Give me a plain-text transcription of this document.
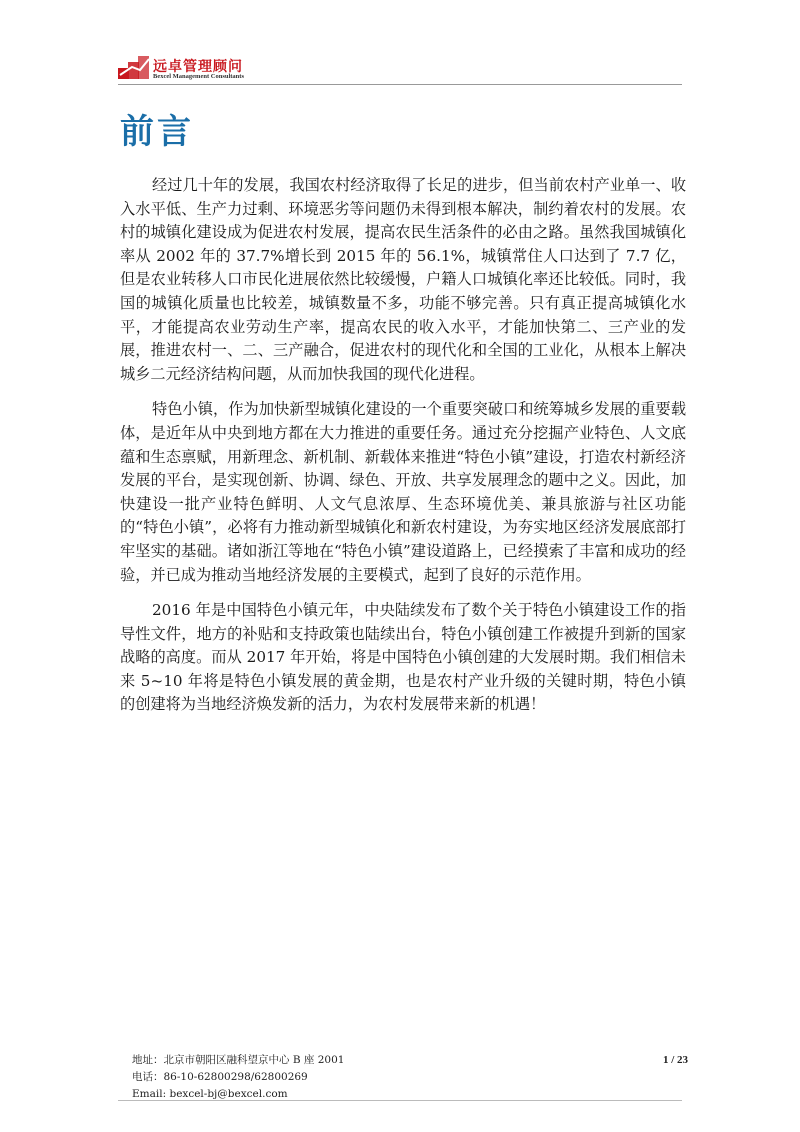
远卓管理顾问
Bexcel Management Consultants
前言

经过几十年的发展，我国农村经济取得了长足的进步，但当前农村产业单一、收入水平低、生产力过剩、环境恶劣等问题仍未得到根本解决，制约着农村的发展。农村的城镇化建设成为促进农村发展，提高农民生活条件的必由之路。虽然我国城镇化率从 2002 年的 37.7%增长到 2015 年的 56.1%，城镇常住人口达到了 7.7 亿，但是农业转移人口市民化进展依然比较缓慢，户籍人口城镇化率还比较低。同时，我国的城镇化质量也比较差，城镇数量不多，功能不够完善。只有真正提高城镇化水平，才能提高农业劳动生产率，提高农民的收入水平，才能加快第二、三产业的发展，推进农村一、二、三产融合，促进农村的现代化和全国的工业化，从根本上解决城乡二元经济结构问题，从而加快我国的现代化进程。

特色小镇，作为加快新型城镇化建设的一个重要突破口和统筹城乡发展的重要载体，是近年从中央到地方都在大力推进的重要任务。通过充分挖掘产业特色、人文底蕴和生态禀赋，用新理念、新机制、新载体来推进“特色小镇”建设，打造农村新经济发展的平台，是实现创新、协调、绿色、开放、共享发展理念的题中之义。因此，加快建设一批产业特色鲜明、人文气息浓厚、生态环境优美、兼具旅游与社区功能的“特色小镇”，必将有力推动新型城镇化和新农村建设，为夯实地区经济发展底部打牢坚实的基础。诸如浙江等地在“特色小镇”建设道路上，已经摸索了丰富和成功的经验，并已成为推动当地经济发展的主要模式，起到了良好的示范作用。

2016 年是中国特色小镇元年，中央陆续发布了数个关于特色小镇建设工作的指导性文件，地方的补贴和支持政策也陆续出台，特色小镇创建工作被提升到新的国家战略的高度。而从 2017 年开始，将是中国特色小镇创建的大发展时期。我们相信未来 5~10 年将是特色小镇发展的黄金期，也是农村产业升级的关键时期，特色小镇的创建将为当地经济焕发新的活力，为农村发展带来新的机遇！

地址：北京市朝阳区融科望京中心 B 座 2001
电话：86-10-62800298/62800269
Email: bexcel-bj@bexcel.com
1 / 23
